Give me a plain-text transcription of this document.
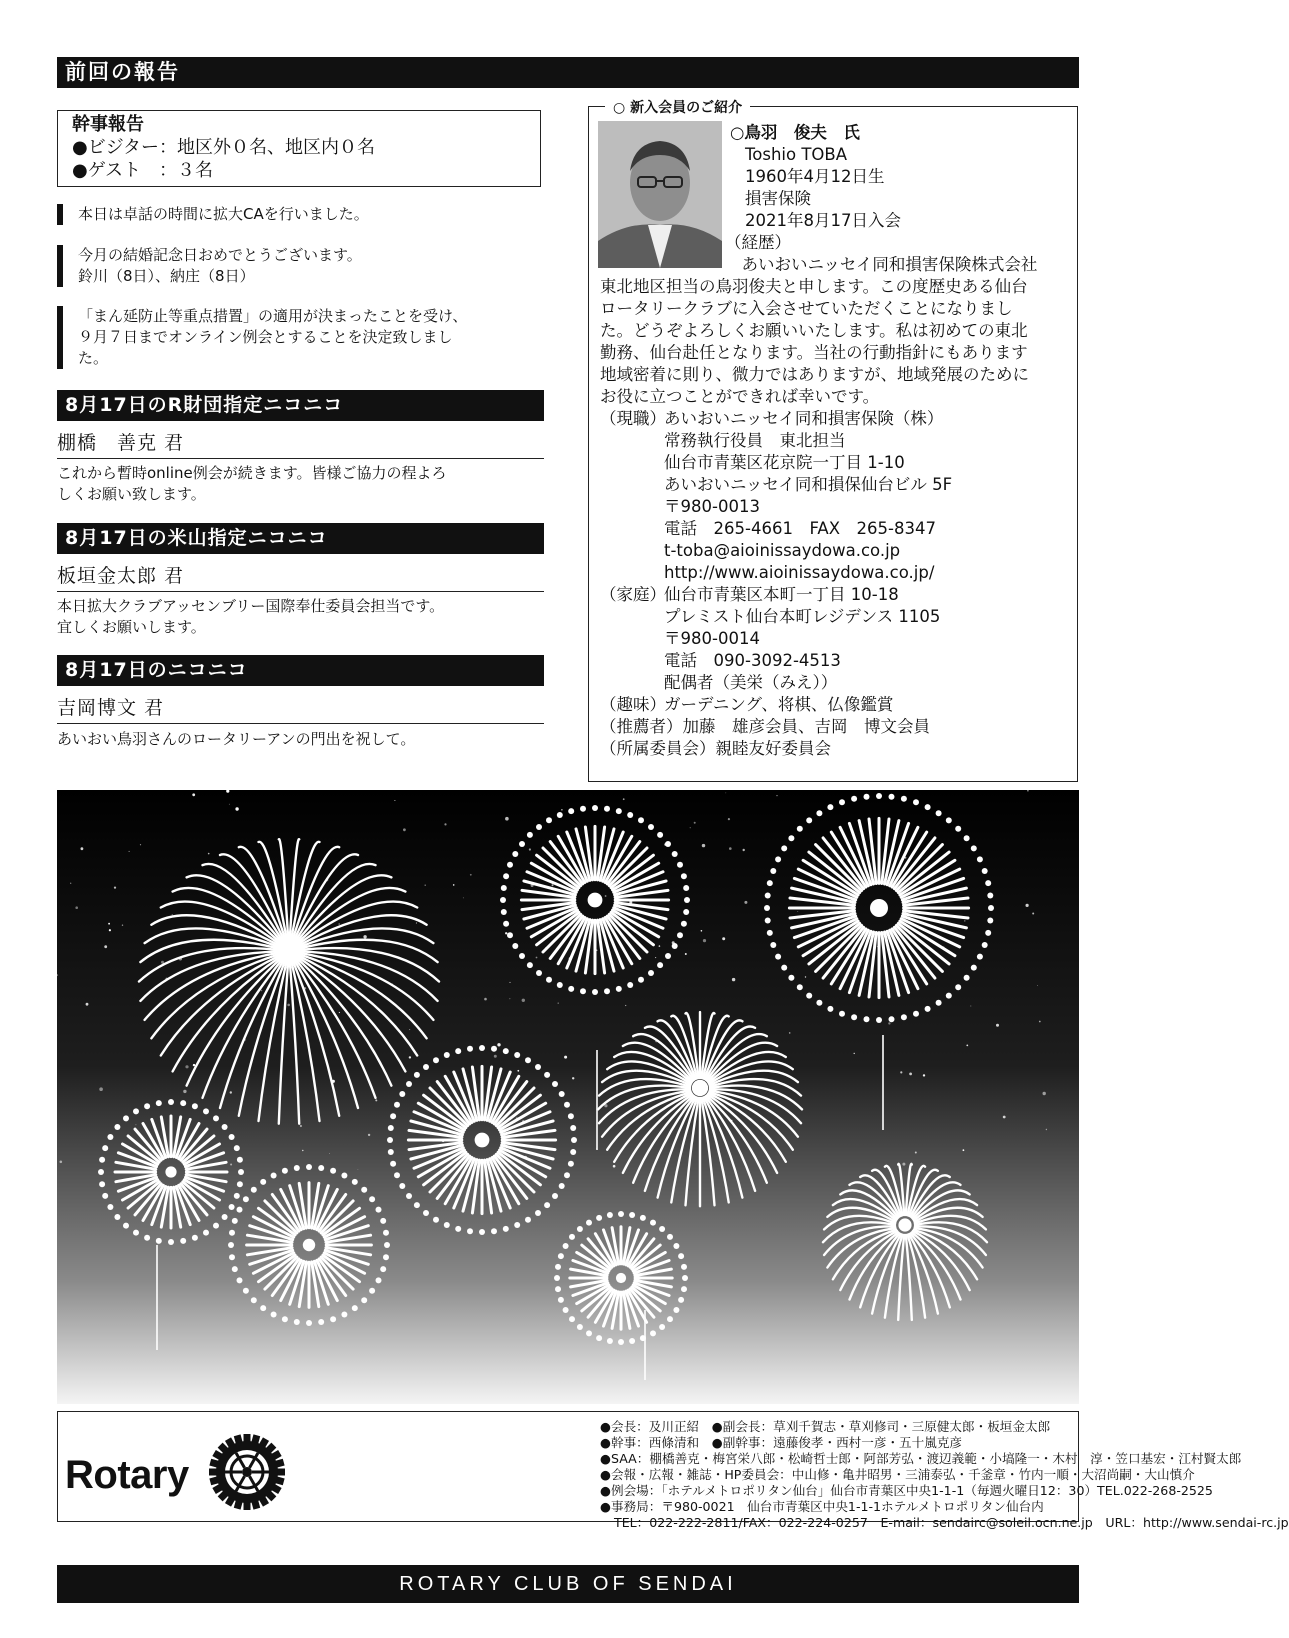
前回の報告
幹事報告
●ビジター：地区外０名、地区内０名
●ゲスト　：３名
本日は卓話の時間に拡大CAを行いました。
今月の結婚記念日おめでとうございます。
鈴川（8日）、納庄（8日）
「まん延防止等重点措置」の適用が決まったことを受け、
９月７日までオンライン例会とすることを決定致しまし
た。
8月17日のR財団指定ニコニコ
棚橋　善克 君
これから暫時online例会が続きます。皆様ご協力の程よろ
しくお願い致します。
8月17日の米山指定ニコニコ
板垣金太郎 君
本日拡大クラブアッセンブリー国際奉仕委員会担当です。
宜しくお願いします。
8月17日のニコニコ
吉岡博文 君
あいおい鳥羽さんのロータリーアンの門出を祝して。
○ 新入会員のご紹介
○鳥羽　俊夫　氏
Toshio TOBA
1960年4月12日生
損害保険
2021年8月17日入会
（経歴）
　あいおいニッセイ同和損害保険株式会社
東北地区担当の鳥羽俊夫と申します。この度歴史ある仙台
ロータリークラブに入会させていただくことになりまし
た。どうぞよろしくお願いいたします。私は初めての東北
勤務、仙台赴任となります。当社の行動指針にもあります
地域密着に則り、微力ではありますが、地域発展のために
お役に立つことができれば幸いです。
（現職）
あいおいニッセイ同和損害保険（株）
常務執行役員　東北担当
仙台市青葉区花京院一丁目 1-10
あいおいニッセイ同和損保仙台ビル 5F
〒980-0013
電話　265-4661　FAX　265-8347
t-toba@aioinissaydowa.co.jp
http://www.aioinissaydowa.co.jp/
（家庭）
仙台市青葉区本町一丁目 10-18
プレミスト仙台本町レジデンス 1105
〒980-0014
電話　090-3092-4513
配偶者（美栄（みえ））
（趣味）
ガーデニング、将棋、仏像鑑賞
（推薦者） 加藤　雄彦会員、吉岡　博文会員
（所属委員会） 親睦友好委員会
Rotary
●会長：及川正紹　●副会長：草刈千賀志・草刈修司・三原健太郎・板垣金太郎
●幹事：西條清和　●副幹事：遠藤俊孝・西村一彦・五十嵐克彦
●SAA：棚橋善克・梅宮栄八郎・松崎哲士郎・阿部芳弘・渡辺義範・小塙隆一・木村　淳・笠口基宏・江村賢太郎
●会報・広報・雑誌・HP委員会：中山修・亀井昭男・三浦泰弘・千釜章・竹内一順・大沼尚嗣・大山慎介
●例会場：「ホテルメトロポリタン仙台」仙台市青葉区中央1-1-1（毎週火曜日12：30）TEL.022-268-2525
●事務局：〒980-0021　仙台市青葉区中央1-1-1ホテルメトロポリタン仙台内
TEL：022-222-2811/FAX：022-224-0257　E-mail：sendairc@soleil.ocn.ne.jp　URL：http://www.sendai-rc.jp
ROTARY CLUB OF SENDAI
